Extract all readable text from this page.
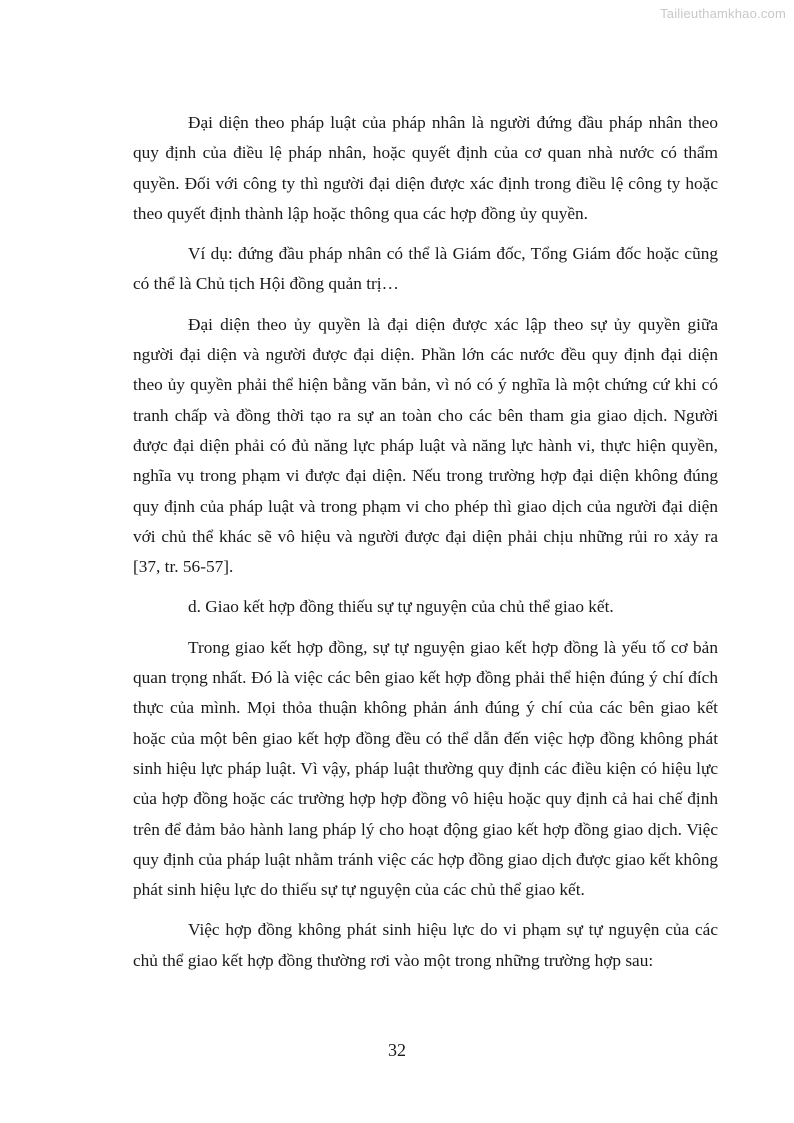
Tailieuthamkhao.com

Đại diện theo pháp luật của pháp nhân là người đứng đầu pháp nhân theo quy định của điều lệ pháp nhân, hoặc quyết định của cơ quan nhà nước có thẩm quyền. Đối với công ty thì người đại diện được xác định trong điều lệ công ty hoặc theo quyết định thành lập hoặc thông qua các hợp đồng ủy quyền.

Ví dụ: đứng đầu pháp nhân có thể là Giám đốc, Tổng Giám đốc hoặc cũng có thể là Chủ tịch Hội đồng quản trị…

Đại diện theo ủy quyền là đại diện được xác lập theo sự ủy quyền giữa người đại diện và người được đại diện. Phần lớn các nước đều quy định đại diện theo ủy quyền phải thể hiện bằng văn bản, vì nó có ý nghĩa là một chứng cứ khi có tranh chấp và đồng thời tạo ra sự an toàn cho các bên tham gia giao dịch. Người được đại diện phải có đủ năng lực pháp luật và năng lực hành vi, thực hiện quyền, nghĩa vụ trong phạm vi được đại diện. Nếu trong trường hợp đại diện không đúng quy định của pháp luật và trong phạm vi cho phép thì giao dịch của người đại diện với chủ thể khác sẽ vô hiệu và người được đại diện phải chịu những rủi ro xảy ra [37, tr. 56-57].

d. Giao kết hợp đồng thiếu sự tự nguyện của chủ thể giao kết.

Trong giao kết hợp đồng, sự tự nguyện giao kết hợp đồng là yếu tố cơ bản quan trọng nhất. Đó là việc các bên giao kết hợp đồng phải thể hiện đúng ý chí đích thực của mình. Mọi thỏa thuận không phản ánh đúng ý chí của các bên giao kết hoặc của một bên giao kết hợp đồng đều có thể dẫn đến việc hợp đồng không phát sinh hiệu lực pháp luật. Vì vậy, pháp luật thường quy định các điều kiện có hiệu lực của hợp đồng hoặc các trường hợp hợp đồng vô hiệu hoặc quy định cả hai chế định trên để đảm bảo hành lang pháp lý cho hoạt động giao kết hợp đồng giao dịch. Việc quy định của pháp luật nhằm tránh việc các hợp đồng giao dịch được giao kết không phát sinh hiệu lực do thiếu sự tự nguyện của các chủ thể giao kết.

Việc hợp đồng không phát sinh hiệu lực do vi phạm sự tự nguyện của các chủ thể giao kết hợp đồng thường rơi vào một trong những trường hợp sau:

32
